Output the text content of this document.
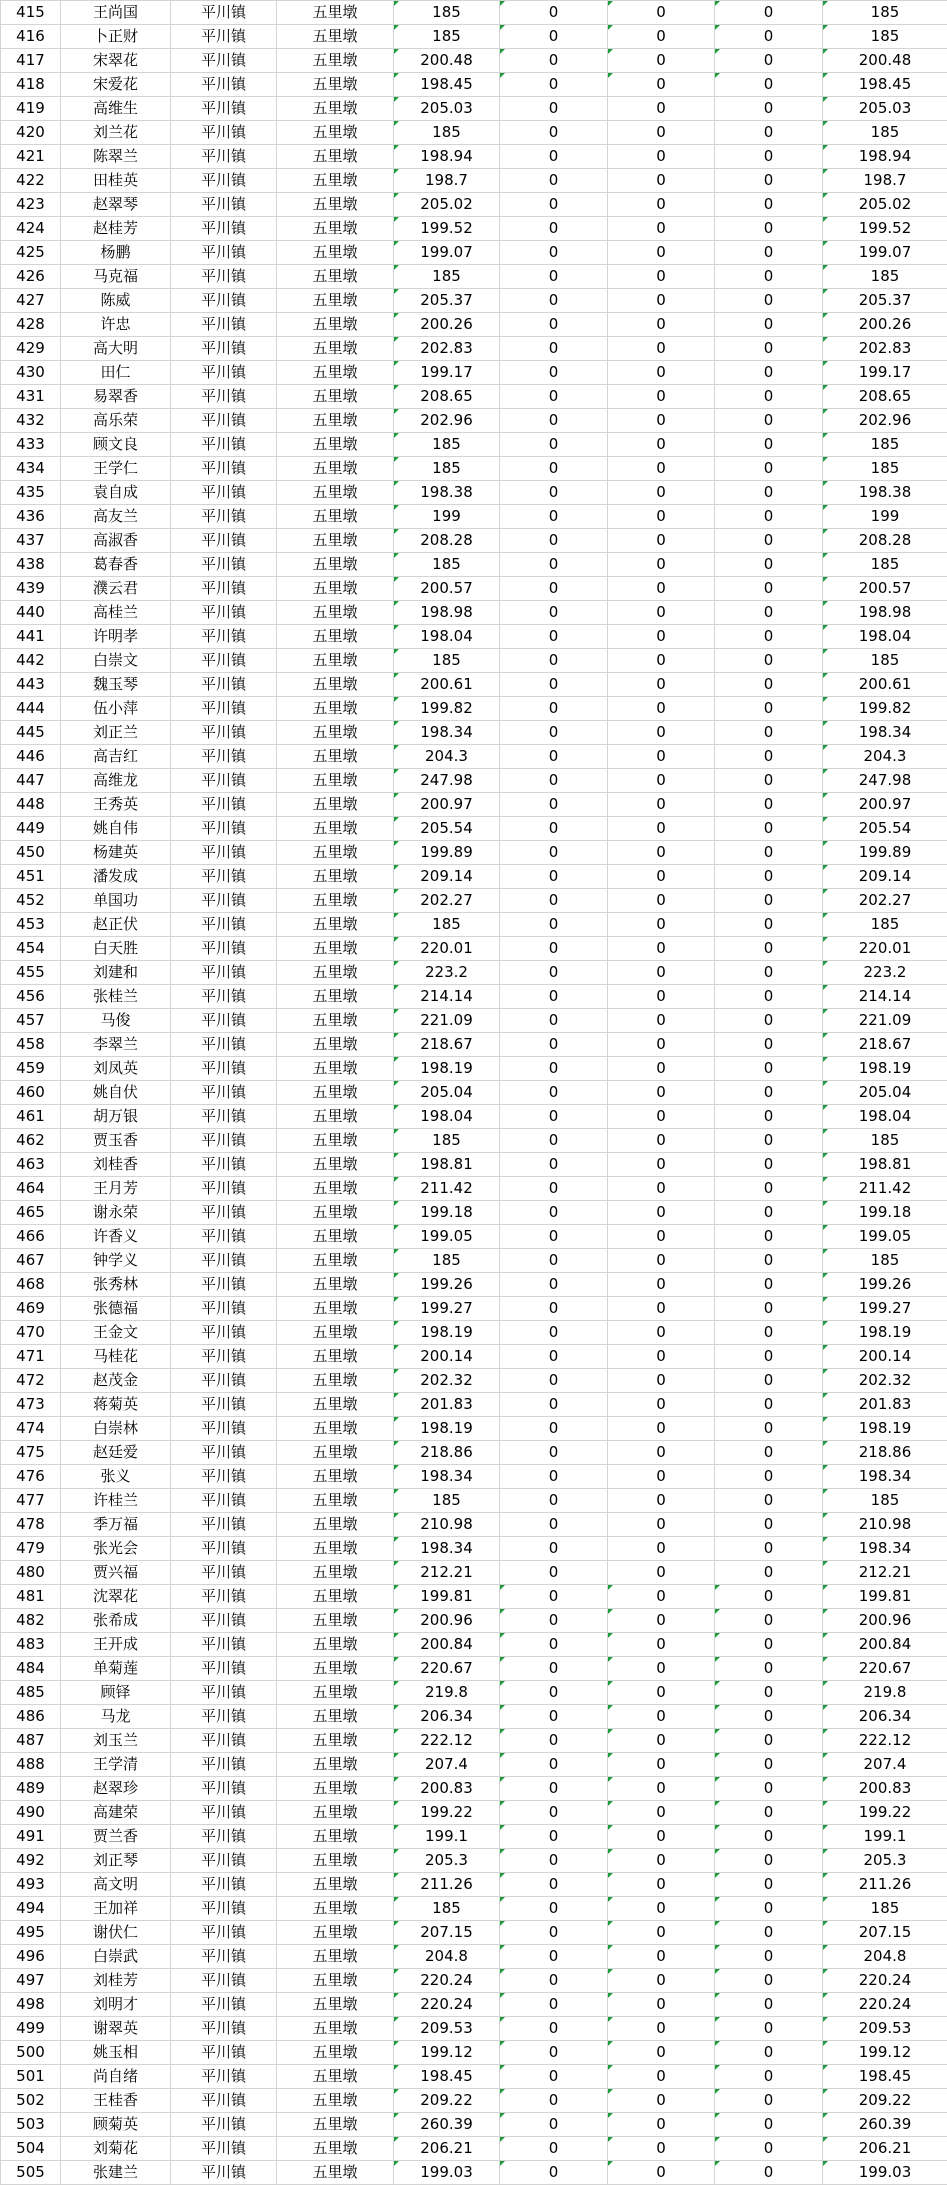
415	王尚国	平川镇	五里墩	185	0	0	0	185
416	卜正财	平川镇	五里墩	185	0	0	0	185
417	宋翠花	平川镇	五里墩	200.48	0	0	0	200.48
418	宋爱花	平川镇	五里墩	198.45	0	0	0	198.45
419	高维生	平川镇	五里墩	205.03	0	0	0	205.03
420	刘兰花	平川镇	五里墩	185	0	0	0	185
421	陈翠兰	平川镇	五里墩	198.94	0	0	0	198.94
422	田桂英	平川镇	五里墩	198.7	0	0	0	198.7
423	赵翠琴	平川镇	五里墩	205.02	0	0	0	205.02
424	赵桂芳	平川镇	五里墩	199.52	0	0	0	199.52
425	杨鹏	平川镇	五里墩	199.07	0	0	0	199.07
426	马克福	平川镇	五里墩	185	0	0	0	185
427	陈威	平川镇	五里墩	205.37	0	0	0	205.37
428	许忠	平川镇	五里墩	200.26	0	0	0	200.26
429	高大明	平川镇	五里墩	202.83	0	0	0	202.83
430	田仁	平川镇	五里墩	199.17	0	0	0	199.17
431	易翠香	平川镇	五里墩	208.65	0	0	0	208.65
432	高乐荣	平川镇	五里墩	202.96	0	0	0	202.96
433	顾文良	平川镇	五里墩	185	0	0	0	185
434	王学仁	平川镇	五里墩	185	0	0	0	185
435	袁自成	平川镇	五里墩	198.38	0	0	0	198.38
436	高友兰	平川镇	五里墩	199	0	0	0	199
437	高淑香	平川镇	五里墩	208.28	0	0	0	208.28
438	葛春香	平川镇	五里墩	185	0	0	0	185
439	濮云君	平川镇	五里墩	200.57	0	0	0	200.57
440	高桂兰	平川镇	五里墩	198.98	0	0	0	198.98
441	许明孝	平川镇	五里墩	198.04	0	0	0	198.04
442	白崇文	平川镇	五里墩	185	0	0	0	185
443	魏玉琴	平川镇	五里墩	200.61	0	0	0	200.61
444	伍小萍	平川镇	五里墩	199.82	0	0	0	199.82
445	刘正兰	平川镇	五里墩	198.34	0	0	0	198.34
446	高吉红	平川镇	五里墩	204.3	0	0	0	204.3
447	高维龙	平川镇	五里墩	247.98	0	0	0	247.98
448	王秀英	平川镇	五里墩	200.97	0	0	0	200.97
449	姚自伟	平川镇	五里墩	205.54	0	0	0	205.54
450	杨建英	平川镇	五里墩	199.89	0	0	0	199.89
451	潘发成	平川镇	五里墩	209.14	0	0	0	209.14
452	单国功	平川镇	五里墩	202.27	0	0	0	202.27
453	赵正伏	平川镇	五里墩	185	0	0	0	185
454	白天胜	平川镇	五里墩	220.01	0	0	0	220.01
455	刘建和	平川镇	五里墩	223.2	0	0	0	223.2
456	张桂兰	平川镇	五里墩	214.14	0	0	0	214.14
457	马俊	平川镇	五里墩	221.09	0	0	0	221.09
458	李翠兰	平川镇	五里墩	218.67	0	0	0	218.67
459	刘凤英	平川镇	五里墩	198.19	0	0	0	198.19
460	姚自伏	平川镇	五里墩	205.04	0	0	0	205.04
461	胡万银	平川镇	五里墩	198.04	0	0	0	198.04
462	贾玉香	平川镇	五里墩	185	0	0	0	185
463	刘桂香	平川镇	五里墩	198.81	0	0	0	198.81
464	王月芳	平川镇	五里墩	211.42	0	0	0	211.42
465	谢永荣	平川镇	五里墩	199.18	0	0	0	199.18
466	许香义	平川镇	五里墩	199.05	0	0	0	199.05
467	钟学义	平川镇	五里墩	185	0	0	0	185
468	张秀林	平川镇	五里墩	199.26	0	0	0	199.26
469	张德福	平川镇	五里墩	199.27	0	0	0	199.27
470	王金文	平川镇	五里墩	198.19	0	0	0	198.19
471	马桂花	平川镇	五里墩	200.14	0	0	0	200.14
472	赵茂金	平川镇	五里墩	202.32	0	0	0	202.32
473	蒋菊英	平川镇	五里墩	201.83	0	0	0	201.83
474	白崇林	平川镇	五里墩	198.19	0	0	0	198.19
475	赵廷爱	平川镇	五里墩	218.86	0	0	0	218.86
476	张义	平川镇	五里墩	198.34	0	0	0	198.34
477	许桂兰	平川镇	五里墩	185	0	0	0	185
478	季万福	平川镇	五里墩	210.98	0	0	0	210.98
479	张光会	平川镇	五里墩	198.34	0	0	0	198.34
480	贾兴福	平川镇	五里墩	212.21	0	0	0	212.21
481	沈翠花	平川镇	五里墩	199.81	0	0	0	199.81
482	张希成	平川镇	五里墩	200.96	0	0	0	200.96
483	王开成	平川镇	五里墩	200.84	0	0	0	200.84
484	单菊莲	平川镇	五里墩	220.67	0	0	0	220.67
485	顾铎	平川镇	五里墩	219.8	0	0	0	219.8
486	马龙	平川镇	五里墩	206.34	0	0	0	206.34
487	刘玉兰	平川镇	五里墩	222.12	0	0	0	222.12
488	王学清	平川镇	五里墩	207.4	0	0	0	207.4
489	赵翠珍	平川镇	五里墩	200.83	0	0	0	200.83
490	高建荣	平川镇	五里墩	199.22	0	0	0	199.22
491	贾兰香	平川镇	五里墩	199.1	0	0	0	199.1
492	刘正琴	平川镇	五里墩	205.3	0	0	0	205.3
493	高文明	平川镇	五里墩	211.26	0	0	0	211.26
494	王加祥	平川镇	五里墩	185	0	0	0	185
495	谢伏仁	平川镇	五里墩	207.15	0	0	0	207.15
496	白崇武	平川镇	五里墩	204.8	0	0	0	204.8
497	刘桂芳	平川镇	五里墩	220.24	0	0	0	220.24
498	刘明才	平川镇	五里墩	220.24	0	0	0	220.24
499	谢翠英	平川镇	五里墩	209.53	0	0	0	209.53
500	姚玉相	平川镇	五里墩	199.12	0	0	0	199.12
501	尚自绪	平川镇	五里墩	198.45	0	0	0	198.45
502	王桂香	平川镇	五里墩	209.22	0	0	0	209.22
503	顾菊英	平川镇	五里墩	260.39	0	0	0	260.39
504	刘菊花	平川镇	五里墩	206.21	0	0	0	206.21
505	张建兰	平川镇	五里墩	199.03	0	0	0	199.03
